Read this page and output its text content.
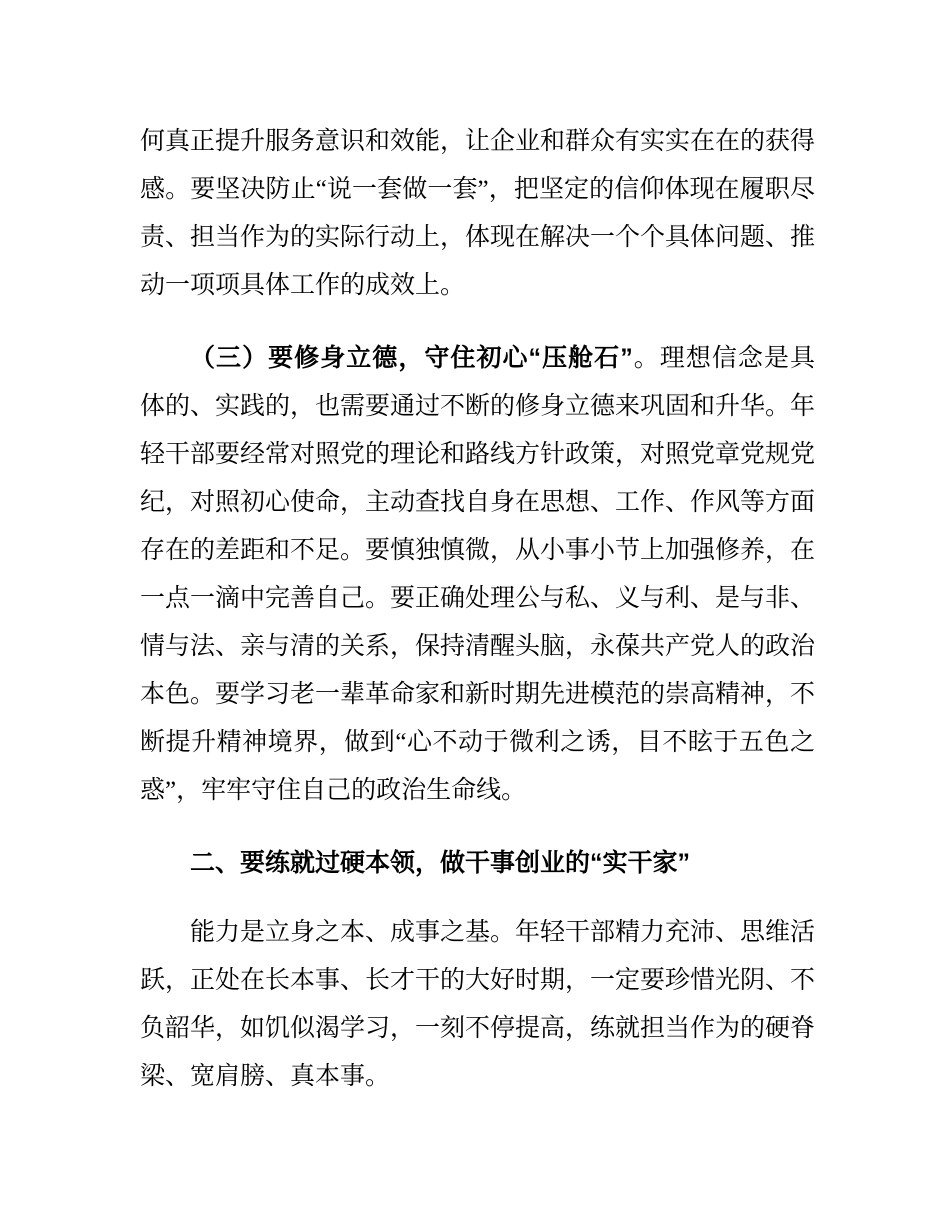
何真正提升服务意识和效能，让企业和群众有实实在在的获得感。要坚决防止“说一套做一套”，把坚定的信仰体现在履职尽责、担当作为的实际行动上，体现在解决一个个具体问题、推动一项项具体工作的成效上。

（三）要修身立德，守住初心“压舱石”。理想信念是具体的、实践的，也需要通过不断的修身立德来巩固和升华。年轻干部要经常对照党的理论和路线方针政策，对照党章党规党纪，对照初心使命，主动查找自身在思想、工作、作风等方面存在的差距和不足。要慎独慎微，从小事小节上加强修养，在一点一滴中完善自己。要正确处理公与私、义与利、是与非、情与法、亲与清的关系，保持清醒头脑，永葆共产党人的政治本色。要学习老一辈革命家和新时期先进模范的崇高精神，不断提升精神境界，做到“心不动于微利之诱，目不眩于五色之惑”，牢牢守住自己的政治生命线。

二、要练就过硬本领，做干事创业的“实干家”

能力是立身之本、成事之基。年轻干部精力充沛、思维活跃，正处在长本事、长才干的大好时期，一定要珍惜光阴、不负韶华，如饥似渴学习，一刻不停提高，练就担当作为的硬脊梁、宽肩膀、真本事。
